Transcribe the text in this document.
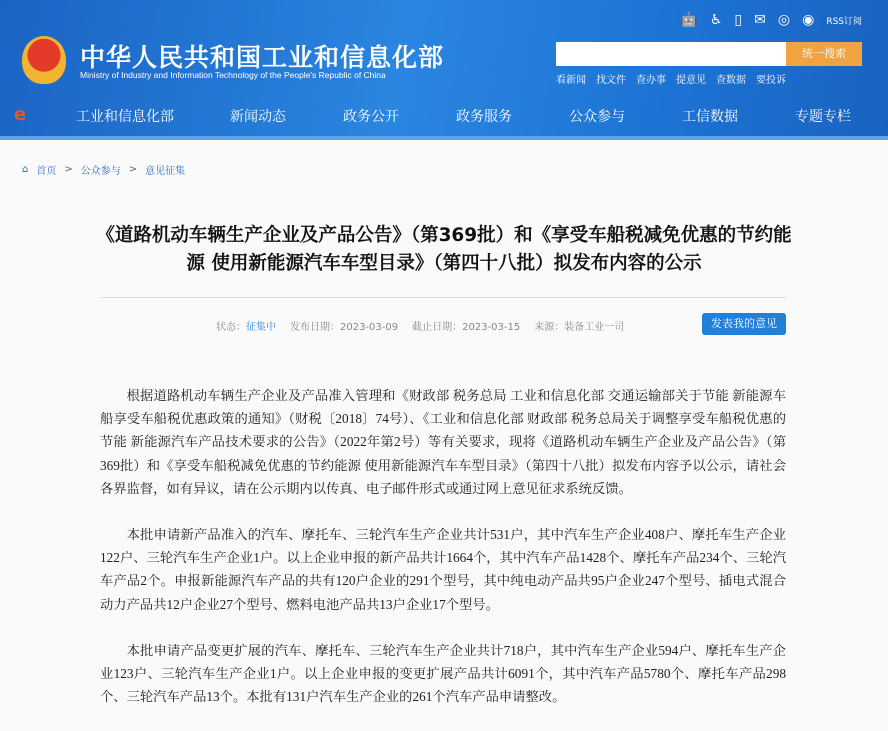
中华人民共和国工业和信息化部
Ministry of Industry and Information Technology of the People's Republic of China
🤖 ♿ ▯ ✉ ◎ ◉ RSS订阅
统一搜索
看新闻 找文件 查办事 提意见 查数据 要投诉
e	工业和信息化部	新闻动态	政务公开	政务服务	公众参与	工信数据	专题专栏
⌂ 首页 > 公众参与 > 意见征集
《道路机动车辆生产企业及产品公告》（第369批）和《享受车船税减免优惠的节约能源 使用新能源汽车车型目录》（第四十八批）拟发布内容的公示
状态：征集中 发布日期：2023-03-09 截止日期：2023-03-15 来源：装备工业一司	发表我的意见

根据道路机动车辆生产企业及产品准入管理和《财政部 税务总局 工业和信息化部 交通运输部关于节能 新能源车船享受车船税优惠政策的通知》（财税〔2018〕74号）、《工业和信息化部 财政部 税务总局关于调整享受车船税优惠的节能 新能源汽车产品技术要求的公告》（2022年第2号）等有关要求，现将《道路机动车辆生产企业及产品公告》（第369批）和《享受车船税减免优惠的节约能源 使用新能源汽车车型目录》（第四十八批）拟发布内容予以公示，请社会各界监督，如有异议，请在公示期内以传真、电子邮件形式或通过网上意见征求系统反馈。

本批申请新产品准入的汽车、摩托车、三轮汽车生产企业共计531户，其中汽车生产企业408户、摩托车生产企业122户、三轮汽车生产企业1户。以上企业申报的新产品共计1664个，其中汽车产品1428个、摩托车产品234个、三轮汽车产品2个。申报新能源汽车产品的共有120户企业的291个型号，其中纯电动产品共95户企业247个型号、插电式混合动力产品共12户企业27个型号、燃料电池产品共13户企业17个型号。

本批申请产品变更扩展的汽车、摩托车、三轮汽车生产企业共计718户，其中汽车生产企业594户、摩托车生产企业123户、三轮汽车生产企业1户。以上企业申报的变更扩展产品共计6091个，其中汽车产品5780个、摩托车产品298个、三轮汽车产品13个。本批有131户汽车生产企业的261个汽车产品申请整改。
